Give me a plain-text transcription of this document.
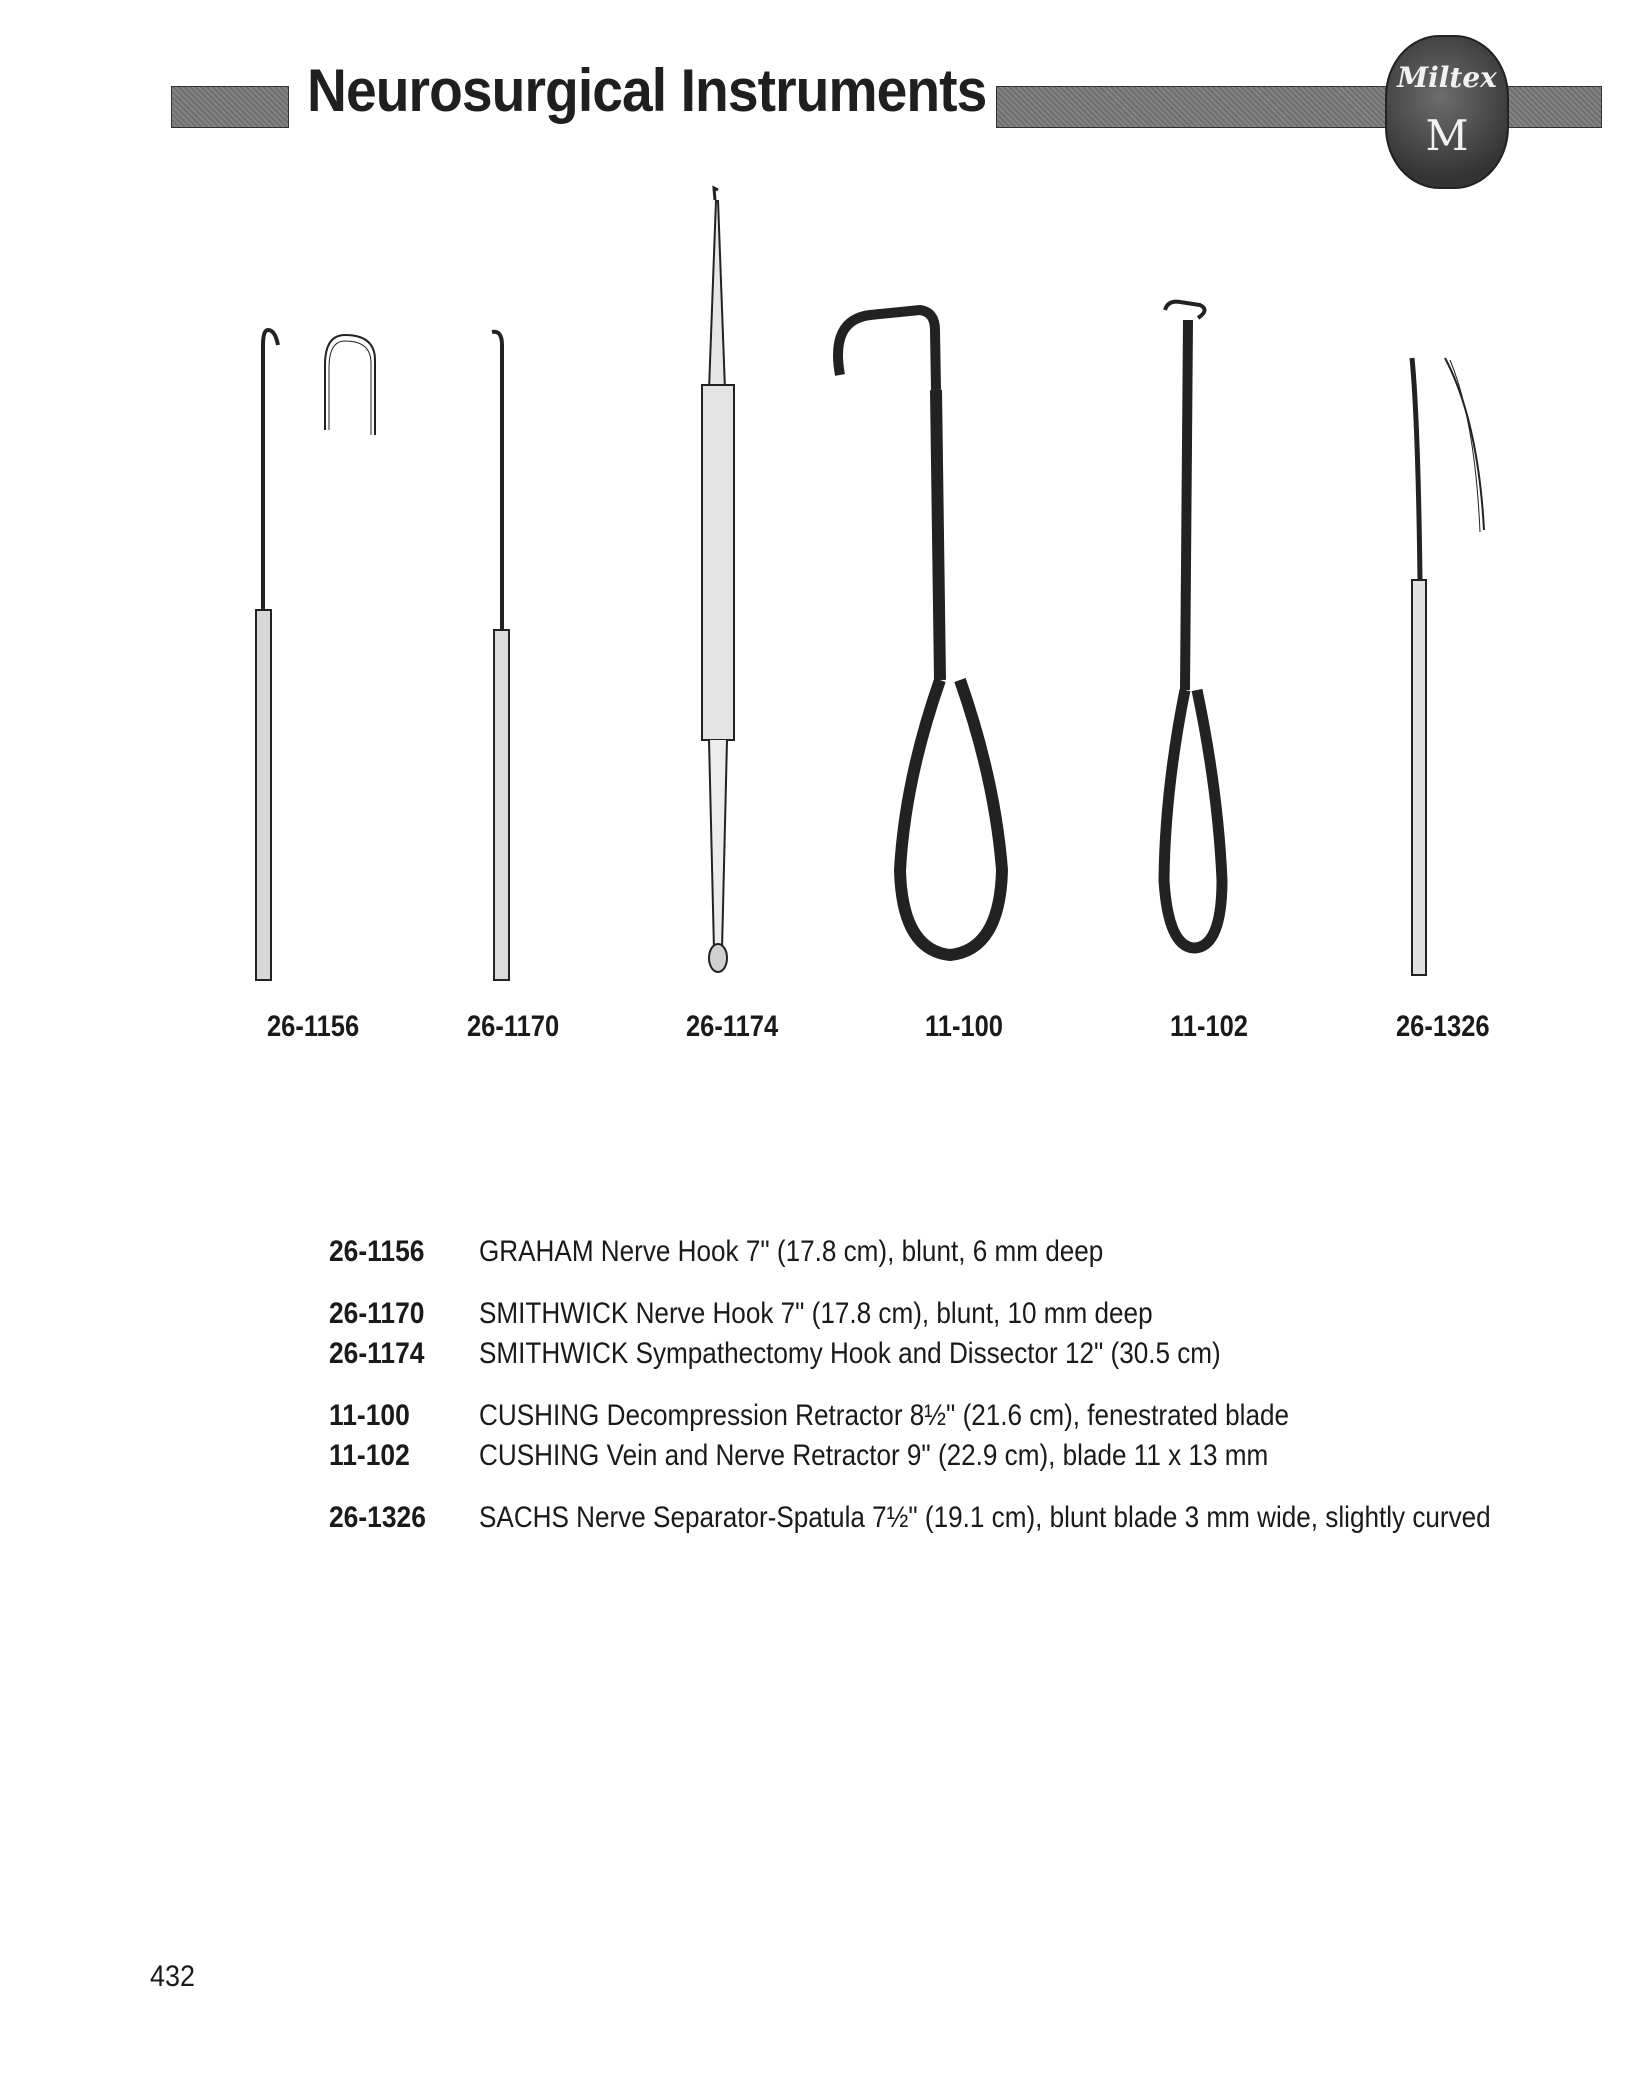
Neurosurgical Instruments	Miltex
M
26-1156	26-1170	26-1174	11-100	11-102	26-1326
26-1156 GRAHAM Nerve Hook 7" (17.8 cm), blunt, 6 mm deep
26-1170 SMITHWICK Nerve Hook 7" (17.8 cm), blunt, 10 mm deep
26-1174 SMITHWICK Sympathectomy Hook and Dissector 12" (30.5 cm)
11-100 CUSHING Decompression Retractor 8½" (21.6 cm), fenestrated blade
11-102 CUSHING Vein and Nerve Retractor 9" (22.9 cm), blade 11 x 13 mm
26-1326 SACHS Nerve Separator-Spatula 7½" (19.1 cm), blunt blade 3 mm wide, slightly curved
432
